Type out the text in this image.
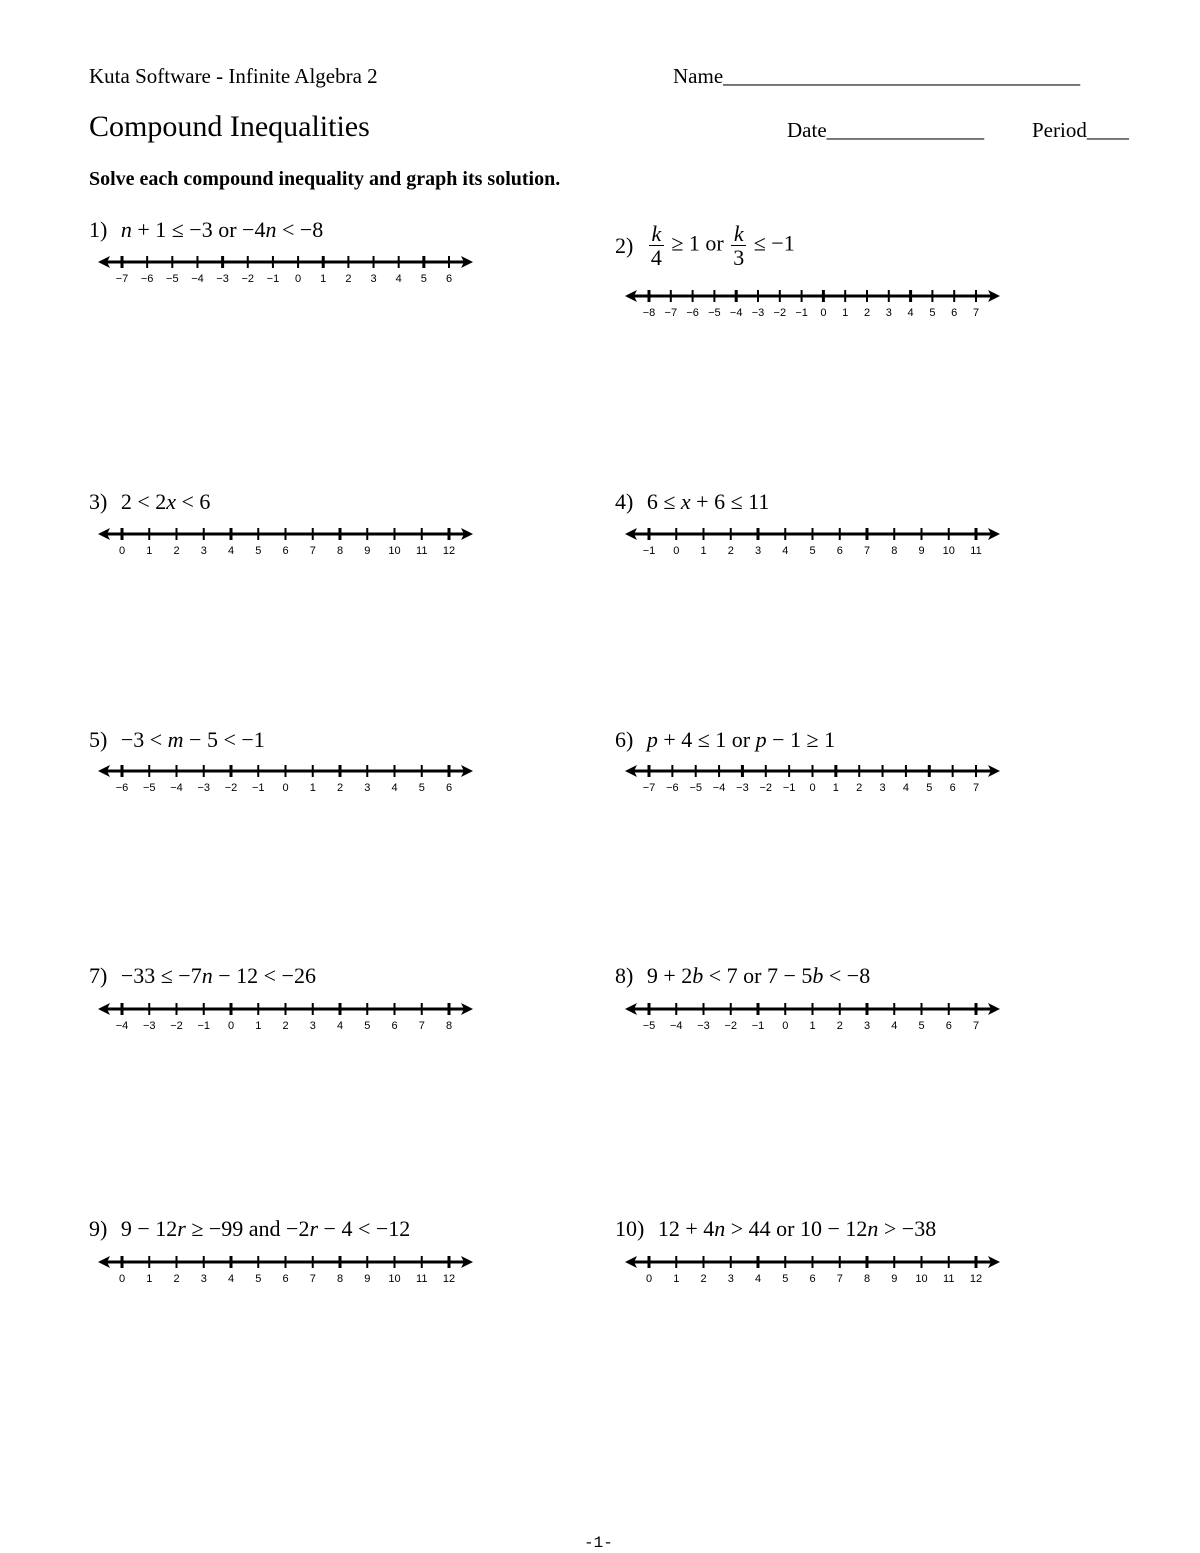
Kuta Software - Infinite Algebra 2	Name__________________________________
Compound Inequalities	Date_______________ Period____
Solve each compound inequality and graph its solution.
1) n + 1 ≤ −3 or −4n < −8
−7 −6 −5 −4 −3 −2 −1 0 1 2 3 4 5 6
$2) \frac{k}{4} \ge 1$ or $\frac{k}{3} \le -1$
−8 −7 −6 −5 −4 −3 −2 −1 0 1 2 3 4 5 6 7
3) 2 < 2x < 6
0 1 2 3 4 5 6 7 8 9 10 11 12
4) 6 ≤ x + 6 ≤ 11
−1 0 1 2 3 4 5 6 7 8 9 10 11
5) −3 < m − 5 < −1
−6 −5 −4 −3 −2 −1 0 1 2 3 4 5 6
6) p + 4 ≤ 1 or p − 1 ≥ 1
−7 −6 −5 −4 −3 −2 −1 0 1 2 3 4 5 6 7
7) −33 ≤ −7n − 12 < −26
−4 −3 −2 −1 0 1 2 3 4 5 6 7 8
8) 9 + 2b < 7 or 7 − 5b < −8
−5 −4 −3 −2 −1 0 1 2 3 4 5 6 7
9) 9 − 12r ≥ −99 and −2r − 4 < −12
0 1 2 3 4 5 6 7 8 9 10 11 12
10) 12 + 4n > 44 or 10 − 12n > −38
0 1 2 3 4 5 6 7 8 9 10 11 12
-1-
